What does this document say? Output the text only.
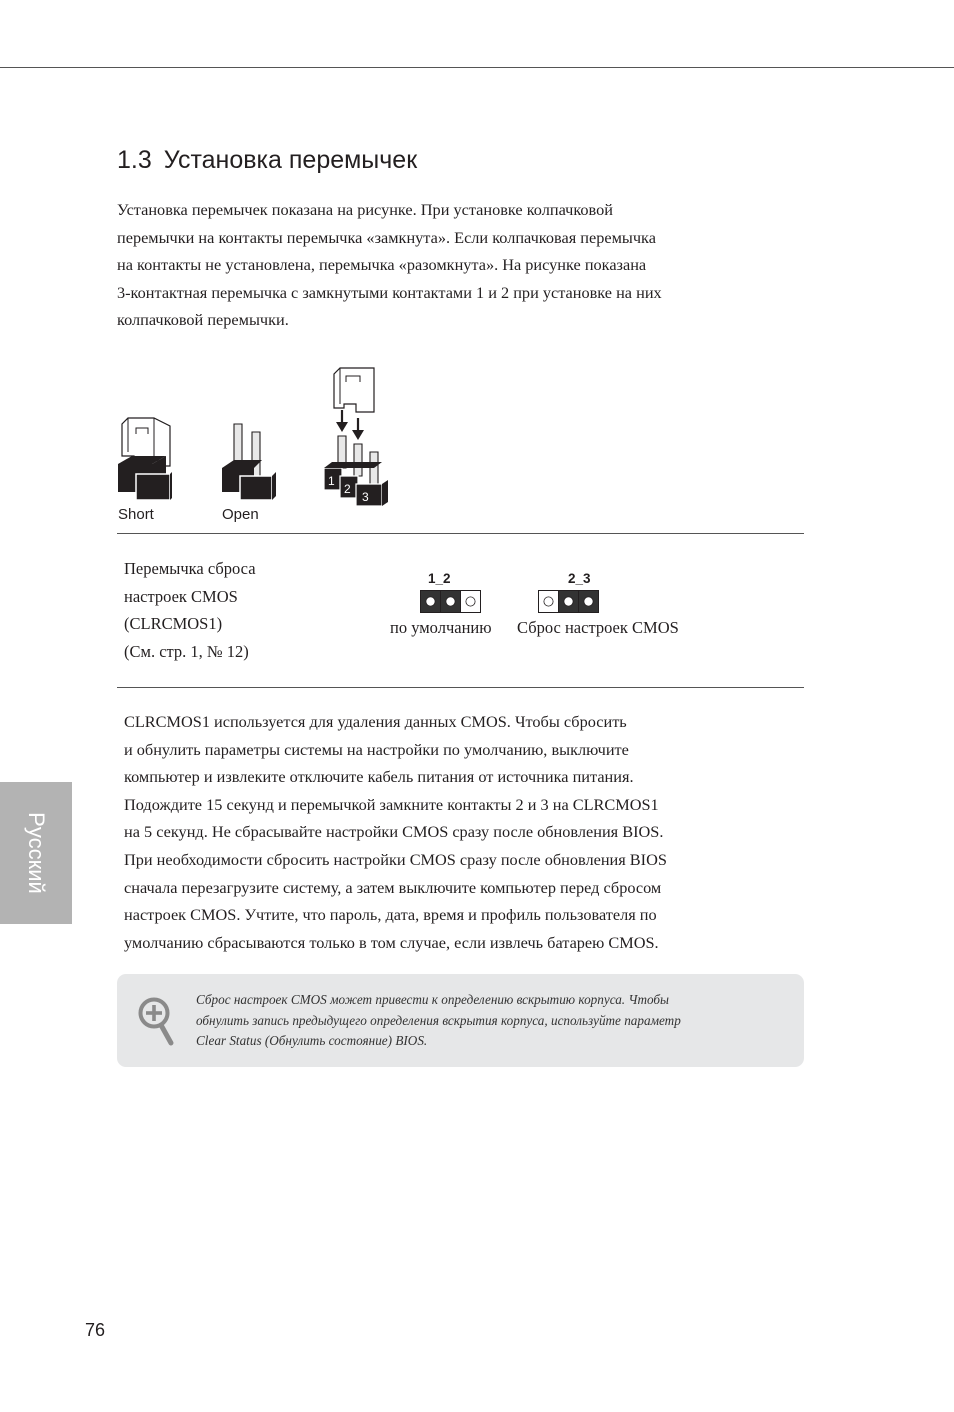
1.3 Установка перемычек

Установка перемычек показана на рисунке. При установке колпачковой
перемычки на контакты перемычка «замкнута». Если колпачковая перемычка
на контакты не установлена, перемычка «разомкнута». На рисунке показана
3-контактная перемычка с замкнутыми контактами 1 и 2 при установке на них
колпачковой перемычки.

1
2
3
Short	Open

Перемычка сброса
настроек CMOS
(CLRCMOS1)
(См. стр. 1, № 12)

1_2
по умолчанию
2_3
Сброс настроек CMOS

CLRCMOS1 используется для удаления данных CMOS. Чтобы сбросить
и обнулить параметры системы на настройки по умолчанию, выключите
компьютер и извлеките отключите кабель питания от источника питания.
Подождите 15 секунд и перемычкой замкните контакты 2 и 3 на CLRCMOS1
на 5 секунд. Не сбрасывайте настройки CMOS сразу после обновления BIOS.
При необходимости сбросить настройки CMOS сразу после обновления BIOS
сначала перезагрузите систему, а затем выключите компьютер перед сбросом
настроек CMOS. Учтите, что пароль, дата, время и профиль пользователя по
умолчанию сбрасываются только в том случае, если извлечь батарею CMOS.

Сброс настроек CMOS может привести к определению вскрытию корпуса. Чтобы
обнулить запись предыдущего определения вскрытия корпуса, используйте параметр
Clear Status (Обнулить состояние) BIOS.

Русский
76
